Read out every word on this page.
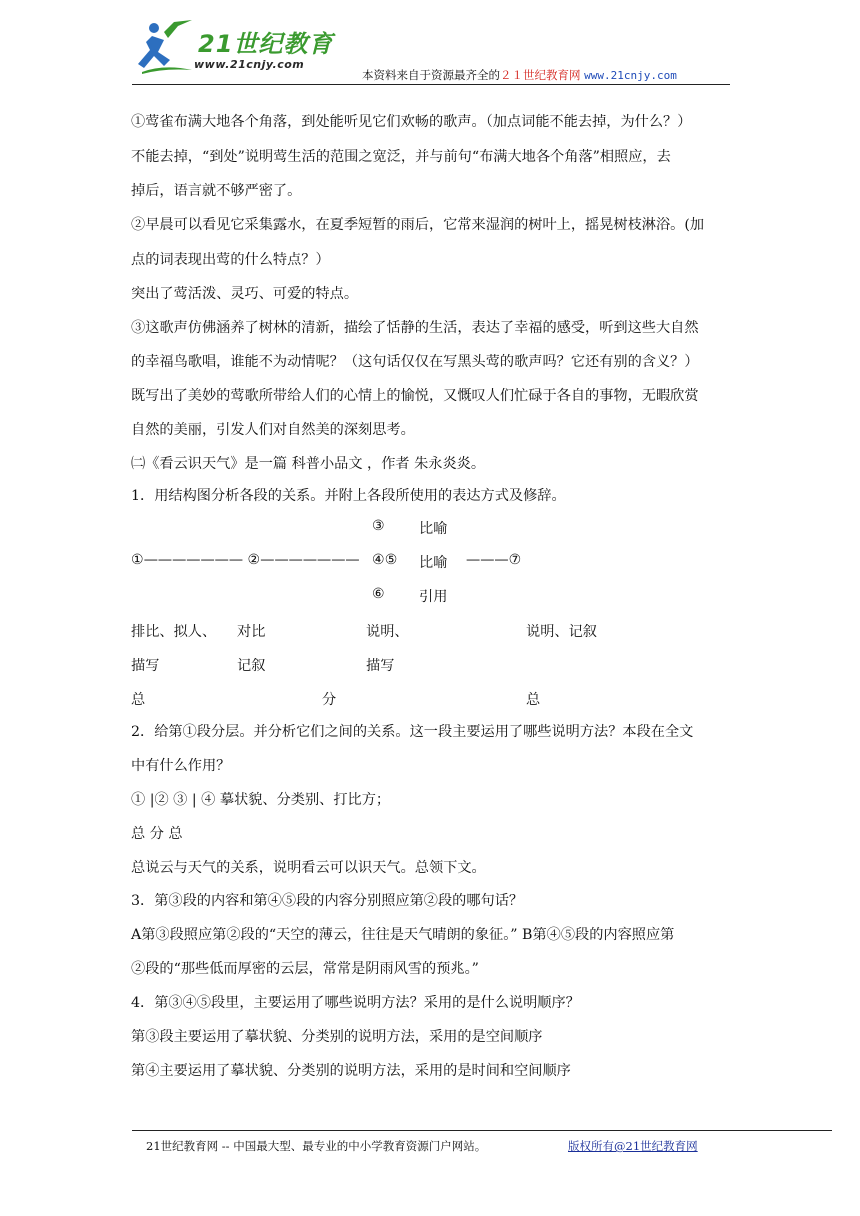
21世纪教育
www.21cnjy.com
本资料来自于资源最齐全的２１世纪教育网 www.21cnjy.com
①莺雀布满大地各个角落，到处能听见它们欢畅的歌声。（加点词能不能去掉，为什么？）
不能去掉，“到处”说明莺生活的范围之宽泛，并与前句“布满大地各个角落”相照应，去
掉后，语言就不够严密了。
②早晨可以看见它采集露水，在夏季短暂的雨后，它常来湿润的树叶上，摇晃树枝淋浴。(加
点的词表现出莺的什么特点？）
突出了莺活泼、灵巧、可爱的特点。
③这歌声仿佛涵养了树林的清新，描绘了恬静的生活，表达了幸福的感受，听到这些大自然
的幸福鸟歌唱，谁能不为动情呢？（这句话仅仅在写黑头莺的歌声吗？它还有别的含义？）
既写出了美妙的莺歌所带给人们的心情上的愉悦，又慨叹人们忙碌于各自的事物，无暇欣赏
自然的美丽，引发人们对自然美的深刻思考。
㈡《看云识天气》是一篇 科普小品文 ，作者 朱永炎炎。
1．用结构图分析各段的关系。并附上各段所使用的表达方式及修辞。
③ 比喻
①——————— ②——————— ④⑤ 比喻 ———⑦
⑥ 引用
排比、拟人、 对比	说明、	说明、记叙
描写	记叙	描写
总	分	总
2．给第①段分层。并分析它们之间的关系。这一段主要运用了哪些说明方法？本段在全文
中有什么作用？
① |② ③ | ④ 摹状貌、分类别、打比方；
总 分 总
总说云与天气的关系，说明看云可以识天气。总领下文。
3．第③段的内容和第④⑤段的内容分别照应第②段的哪句话？
A第③段照应第②段的“天空的薄云，往往是天气晴朗的象征。” B第④⑤段的内容照应第
②段的“那些低而厚密的云层，常常是阴雨风雪的预兆。”
4．第③④⑤段里，主要运用了哪些说明方法？采用的是什么说明顺序？
第③段主要运用了摹状貌、分类别的说明方法，采用的是空间顺序
第④主要运用了摹状貌、分类别的说明方法，采用的是时间和空间顺序
21世纪教育网 -- 中国最大型、最专业的中小学教育资源门户网站。	版权所有@21世纪教育网
